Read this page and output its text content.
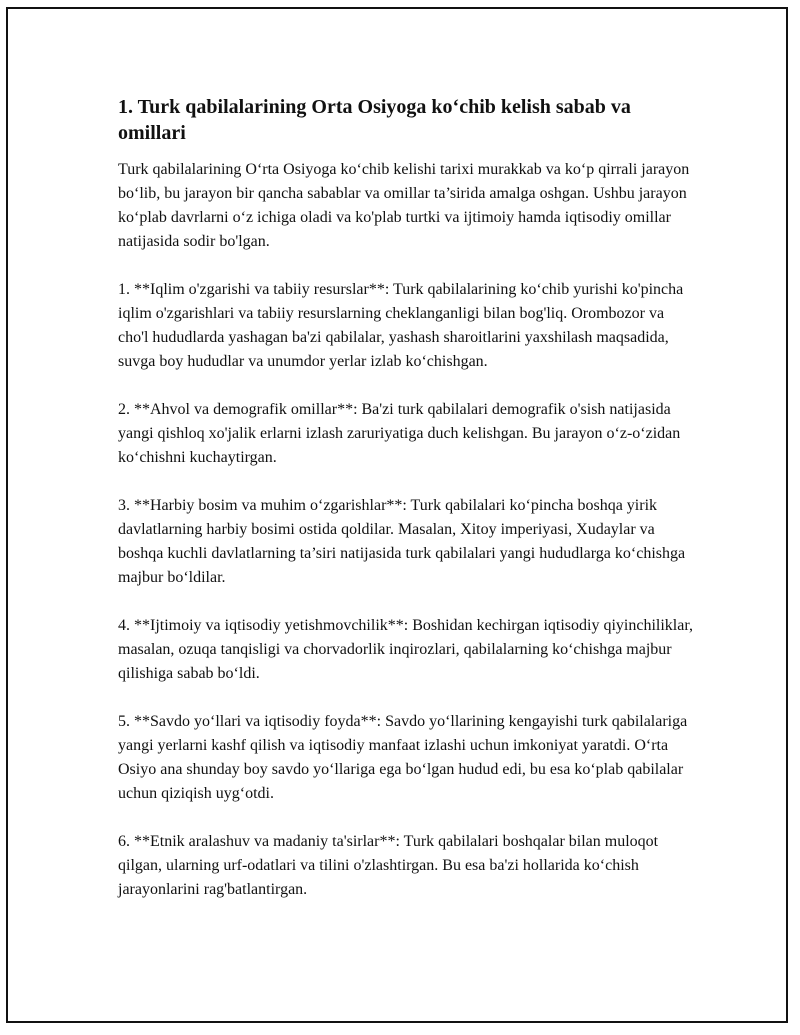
1. Turk qabilalarining Orta Osiyoga ko‘chib kelish sabab va omillari

Turk qabilalarining O‘rta Osiyoga ko‘chib kelishi tarixi murakkab va ko‘p qirrali jarayon bo‘lib, bu jarayon bir qancha sabablar va omillar ta’sirida amalga oshgan. Ushbu jarayon ko‘plab davrlarni o‘z ichiga oladi va ko'plab turtki va ijtimoiy hamda iqtisodiy omillar natijasida sodir bo'lgan.

1. **Iqlim o'zgarishi va tabiiy resurslar**: Turk qabilalarining ko‘chib yurishi ko'pincha iqlim o'zgarishlari va tabiiy resurslarning cheklanganligi bilan bog'liq. Orombozor va cho'l hududlarda yashagan ba'zi qabilalar, yashash sharoitlarini yaxshilash maqsadida, suvga boy hududlar va unumdor yerlar izlab ko‘chishgan.

2. **Ahvol va demografik omillar**: Ba'zi turk qabilalari demografik o'sish natijasida yangi qishloq xo'jalik erlarni izlash zaruriyatiga duch kelishgan. Bu jarayon o‘z-o‘zidan ko‘chishni kuchaytirgan.

3. **Harbiy bosim va muhim o‘zgarishlar**: Turk qabilalari ko‘pincha boshqa yirik davlatlarning harbiy bosimi ostida qoldilar. Masalan, Xitoy imperiyasi, Xudaylar va boshqa kuchli davlatlarning ta’siri natijasida turk qabilalari yangi hududlarga ko‘chishga majbur bo‘ldilar.

4. **Ijtimoiy va iqtisodiy yetishmovchilik**: Boshidan kechirgan iqtisodiy qiyinchiliklar, masalan, ozuqa tanqisligi va chorvadorlik inqirozlari, qabilalarning ko‘chishga majbur qilishiga sabab bo‘ldi.

5. **Savdo yo‘llari va iqtisodiy foyda**: Savdo yo‘llarining kengayishi turk qabilalariga yangi yerlarni kashf qilish va iqtisodiy manfaat izlashi uchun imkoniyat yaratdi. O‘rta Osiyo ana shunday boy savdo yo‘llariga ega bo‘lgan hudud edi, bu esa ko‘plab qabilalar uchun qiziqish uyg‘otdi.

6. **Etnik aralashuv va madaniy ta'sirlar**: Turk qabilalari boshqalar bilan muloqot qilgan, ularning urf-odatlari va tilini o'zlashtirgan. Bu esa ba'zi hollarida ko‘chish jarayonlarini rag'batlantirgan.
